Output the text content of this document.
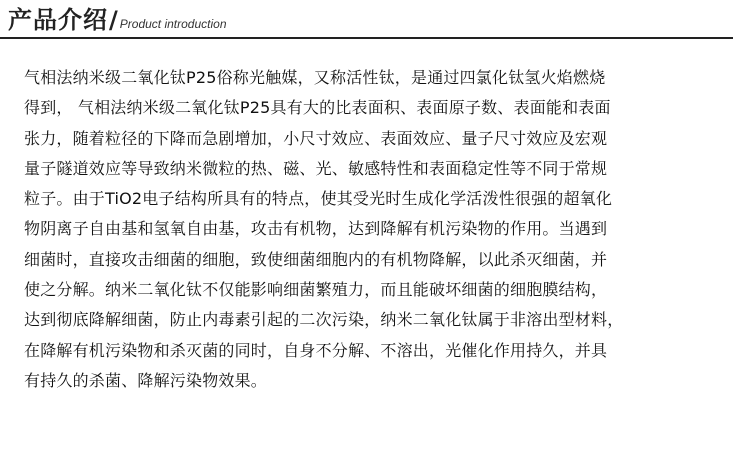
产品介绍 / Product introduction
气相法纳米级二氧化钛P25俗称光触媒，又称活性钛，是通过四氯化钛氢火焰燃烧
得到， 气相法纳米级二氧化钛P25具有大的比表面积、表面原子数、表面能和表面
张力，随着粒径的下降而急剧增加，小尺寸效应、表面效应、量子尺寸效应及宏观
量子隧道效应等导致纳米微粒的热、磁、光、敏感特性和表面稳定性等不同于常规
粒子。由于TiO2电子结构所具有的特点，使其受光时生成化学活泼性很强的超氧化
物阴离子自由基和氢氧自由基，攻击有机物，达到降解有机污染物的作用。当遇到
细菌时，直接攻击细菌的细胞，致使细菌细胞内的有机物降解，以此杀灭细菌，并
使之分解。纳米二氧化钛不仅能影响细菌繁殖力，而且能破坏细菌的细胞膜结构，
达到彻底降解细菌，防止内毒素引起的二次污染，纳米二氧化钛属于非溶出型材料，
在降解有机污染物和杀灭菌的同时，自身不分解、不溶出，光催化作用持久，并具
有持久的杀菌、降解污染物效果。
